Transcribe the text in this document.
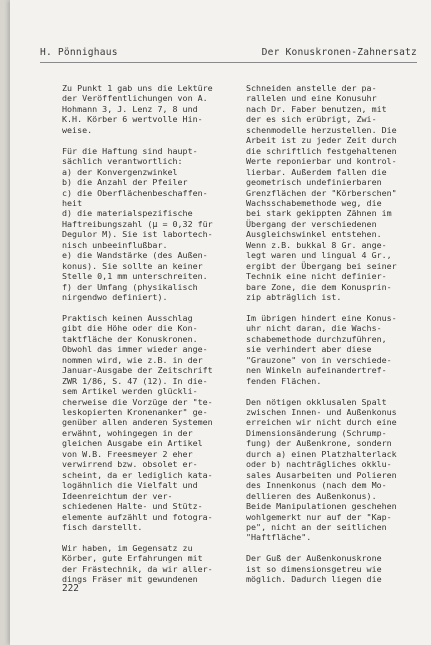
H. Pönnighaus	Der Konuskronen-Zahnersatz

Zu Punkt 1 gab uns die Lektüre
der Veröffentlichungen von A.
Hohmann 3, J. Lenz 7, 8 und
K.H. Körber 6 wertvolle Hin-
weise.

Für die Haftung sind haupt-
sächlich verantwortlich:
a) der Konvergenzwinkel
b) die Anzahl der Pfeiler
c) die Oberflächenbeschaffen-
heit
d) die materialspezifische
Haftreibungszahl (μ = 0,32 für
Degulor M). Sie ist labortech-
nisch unbeeinflußbar.
e) die Wandstärke (des Außen-
konus). Sie sollte an keiner
Stelle 0,1 mm unterschreiten.
f) der Umfang (physikalisch
nirgendwo definiert).

Praktisch keinen Ausschlag
gibt die Höhe oder die Kon-
taktfläche der Konuskronen.
Obwohl das immer wieder ange-
nommen wird, wie z.B. in der
Januar-Ausgabe der Zeitschrift
ZWR 1/86, S. 47 (12). In die-
sem Artikel werden glückli-
cherweise die Vorzüge der "te-
leskopierten Kronenanker" ge-
genüber allen anderen Systemen
erwähnt, wohingegen in der
gleichen Ausgabe ein Artikel
von W.B. Freesmeyer 2 eher
verwirrend bzw. obsolet er-
scheint, da er lediglich kata-
logähnlich die Vielfalt und
Ideenreichtum der ver-
schiedenen Halte- und Stütz-
elemente aufzählt und fotogra-
fisch darstellt.

Wir haben, im Gegensatz zu
Körber, gute Erfahrungen mit
der Frästechnik, da wir aller-
dings Fräser mit gewundenen

Schneiden anstelle der pa-
rallelen und eine Konusuhr
nach Dr. Faber benutzen, mit
der es sich erübrigt, Zwi-
schenmodelle herzustellen. Die
Arbeit ist zu jeder Zeit durch
die schriftlich festgehaltenen
Werte reponierbar und kontrol-
lierbar. Außerdem fallen die
geometrisch undefinierbaren
Grenzflächen der "Körberschen"
Wachsschabemethode weg, die
bei stark gekippten Zähnen im
Übergang der verschiedenen
Ausgleichswinkel entstehen.
Wenn z.B. bukkal 8 Gr. ange-
legt waren und lingual 4 Gr.,
ergibt der Übergang bei seiner
Technik eine nicht definier-
bare Zone, die dem Konusprin-
zip abträglich ist.

Im übrigen hindert eine Konus-
uhr nicht daran, die Wachs-
schabemethode durchzuführen,
sie verhindert aber diese
"Grauzone" von in verschiede-
nen Winkeln aufeinandertref-
fenden Flächen.

Den nötigen okklusalen Spalt
zwischen Innen- und Außenkonus
erreichen wir nicht durch eine
Dimensionsänderung (Schrump-
fung) der Außenkrone, sondern
durch a) einen Platzhalterlack
oder b) nachträgliches okklu-
sales Ausarbeiten und Polieren
des Innenkonus (nach dem Mo-
dellieren des Außenkonus).
Beide Manipulationen geschehen
wohlgemerkt nur auf der "Kap-
pe", nicht an der seitlichen
"Haftfläche".

Der Guß der Außenkonuskrone
ist so dimensionsgetreu wie
möglich. Dadurch liegen die

222
